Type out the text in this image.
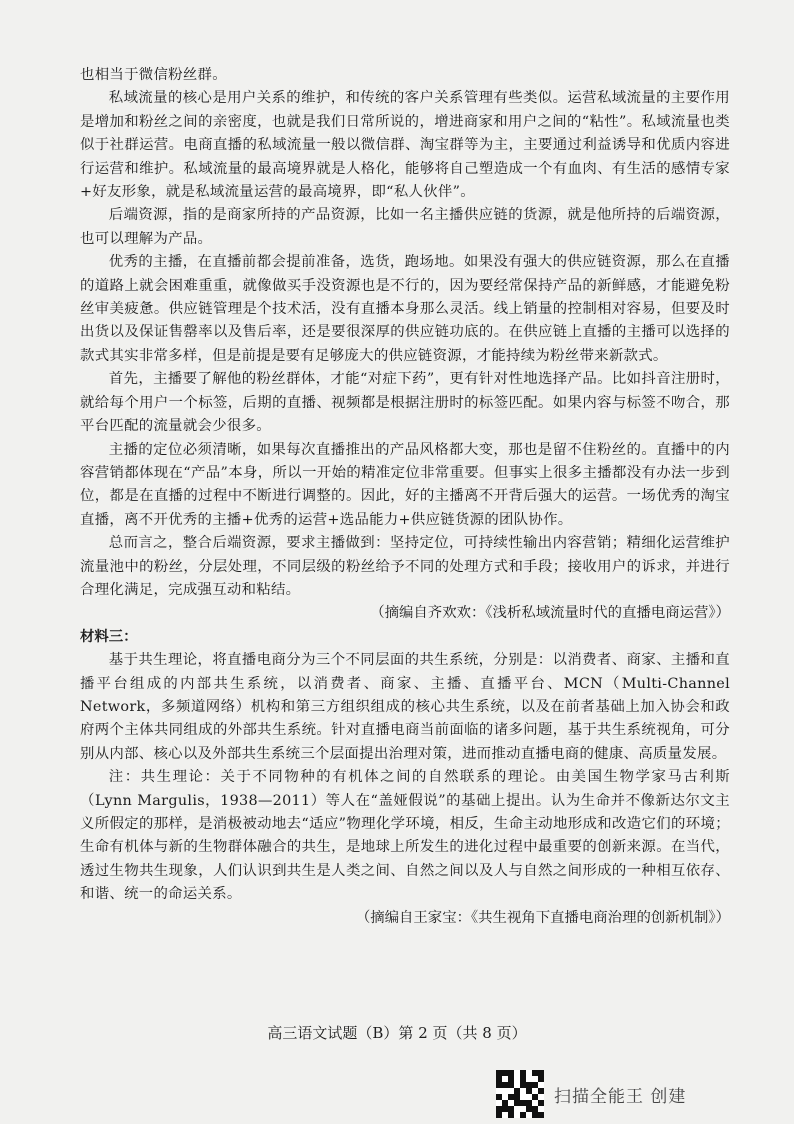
也相当于微信粉丝群。

私域流量的核心是用户关系的维护，和传统的客户关系管理有些类似。运营私域流量的主要作用是增加和粉丝之间的亲密度，也就是我们日常所说的，增进商家和用户之间的“粘性”。私域流量也类似于社群运营。电商直播的私域流量一般以微信群、淘宝群等为主，主要通过利益诱导和优质内容进行运营和维护。私域流量的最高境界就是人格化，能够将自己塑造成一个有血肉、有生活的感情专家+好友形象，就是私域流量运营的最高境界，即“私人伙伴”。

后端资源，指的是商家所持的产品资源，比如一名主播供应链的货源，就是他所持的后端资源，也可以理解为产品。

优秀的主播，在直播前都会提前准备，选货，跑场地。如果没有强大的供应链资源，那么在直播的道路上就会困难重重，就像做买手没资源也是不行的，因为要经常保持产品的新鲜感，才能避免粉丝审美疲惫。供应链管理是个技术活，没有直播本身那么灵活。线上销量的控制相对容易，但要及时出货以及保证售罄率以及售后率，还是要很深厚的供应链功底的。在供应链上直播的主播可以选择的款式其实非常多样，但是前提是要有足够庞大的供应链资源，才能持续为粉丝带来新款式。

首先，主播要了解他的粉丝群体，才能“对症下药”，更有针对性地选择产品。比如抖音注册时，就给每个用户一个标签，后期的直播、视频都是根据注册时的标签匹配。如果内容与标签不吻合，那平台匹配的流量就会少很多。

主播的定位必须清晰，如果每次直播推出的产品风格都大变，那也是留不住粉丝的。直播中的内容营销都体现在“产品”本身，所以一开始的精准定位非常重要。但事实上很多主播都没有办法一步到位，都是在直播的过程中不断进行调整的。因此，好的主播离不开背后强大的运营。一场优秀的淘宝直播，离不开优秀的主播+优秀的运营+选品能力+供应链货源的团队协作。

总而言之，整合后端资源，要求主播做到：坚持定位，可持续性输出内容营销；精细化运营维护流量池中的粉丝，分层处理，不同层级的粉丝给予不同的处理方式和手段；接收用户的诉求，并进行合理化满足，完成强互动和粘结。

（摘编自齐欢欢：《浅析私域流量时代的直播电商运营》）

材料三：

基于共生理论，将直播电商分为三个不同层面的共生系统，分别是：以消费者、商家、主播和直播平台组成的内部共生系统，以消费者、商家、主播、直播平台、MCN（Multi-Channel Network，多频道网络）机构和第三方组织组成的核心共生系统，以及在前者基础上加入协会和政府两个主体共同组成的外部共生系统。针对直播电商当前面临的诸多问题，基于共生系统视角，可分别从内部、核心以及外部共生系统三个层面提出治理对策，进而推动直播电商的健康、高质量发展。

注：共生理论：关于不同物种的有机体之间的自然联系的理论。由美国生物学家马古利斯（Lynn Margulis，1938—2011）等人在“盖娅假说”的基础上提出。认为生命并不像新达尔文主义所假定的那样，是消极被动地去“适应”物理化学环境，相反，生命主动地形成和改造它们的环境；生命有机体与新的生物群体融合的共生，是地球上所发生的进化过程中最重要的创新来源。在当代，透过生物共生现象，人们认识到共生是人类之间、自然之间以及人与自然之间形成的一种相互依存、和谐、统一的命运关系。

（摘编自王家宝：《共生视角下直播电商治理的创新机制》）

高三语文试题（B）第 2 页（共 8 页）
扫描全能王 创建
